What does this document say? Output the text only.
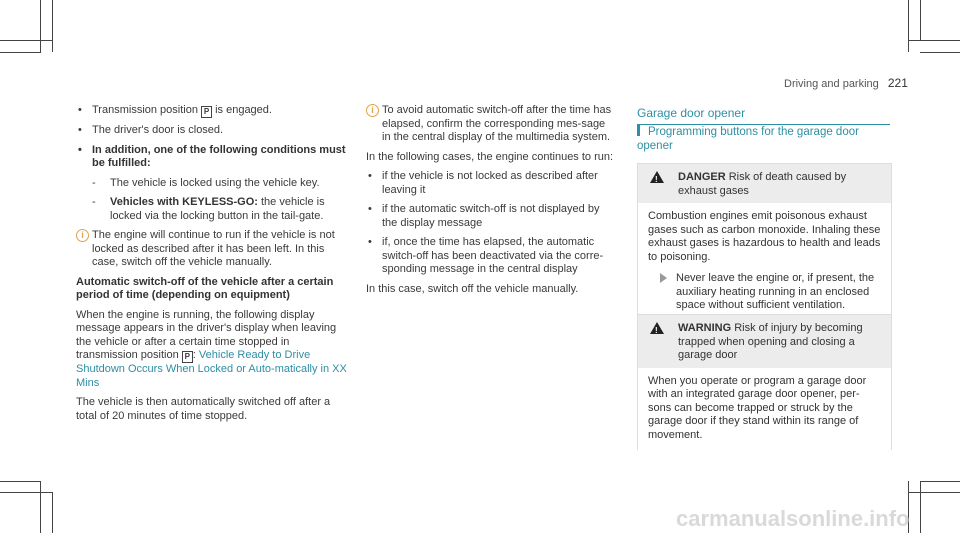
Driving and parking 221
• Transmission position P is engaged.
• The driver's door is closed.
• In addition, one of the following conditions must be fulfilled:
- The vehicle is locked using the vehicle key.
- Vehicles with KEYLESS-GO: the vehicle is locked via the locking button in the tail-gate.
i The engine will continue to run if the vehicle is not locked as described after it has been left. In this case, switch off the vehicle manually.

Automatic switch-off of the vehicle after a certain period of time (depending on equipment)

When the engine is running, the following display message appears in the driver's display when leaving the vehicle or after a certain time stopped in transmission position P : Vehicle Ready to Drive Shutdown Occurs When Locked or Auto-matically in XX Mins

The vehicle is then automatically switched off after a total of 20 minutes of time stopped.

i To avoid automatic switch-off after the time has elapsed, confirm the corresponding mes-sage in the central display of the multimedia system.

In the following cases, the engine continues to run:

• if the vehicle is not locked as described after leaving it
• if the automatic switch-off is not displayed by the display message
• if, once the time has elapsed, the automatic switch-off has been deactivated via the corre-sponding message in the central display

In this case, switch off the vehicle manually.

Garage door opener
Programming buttons for the garage door opener
! DANGER Risk of death caused by exhaust gases
Combustion engines emit poisonous exhaust gases such as carbon monoxide. Inhaling these exhaust gases is hazardous to health and leads to poisoning.
Never leave the engine or, if present, the auxiliary heating running in an enclosed space without sufficient ventilation.
! WARNING Risk of injury by becoming trapped when opening and closing a garage door
When you operate or program a garage door with an integrated garage door opener, per-sons can become trapped or struck by the garage door if they stand within its range of movement.
carmanualsonline.info
